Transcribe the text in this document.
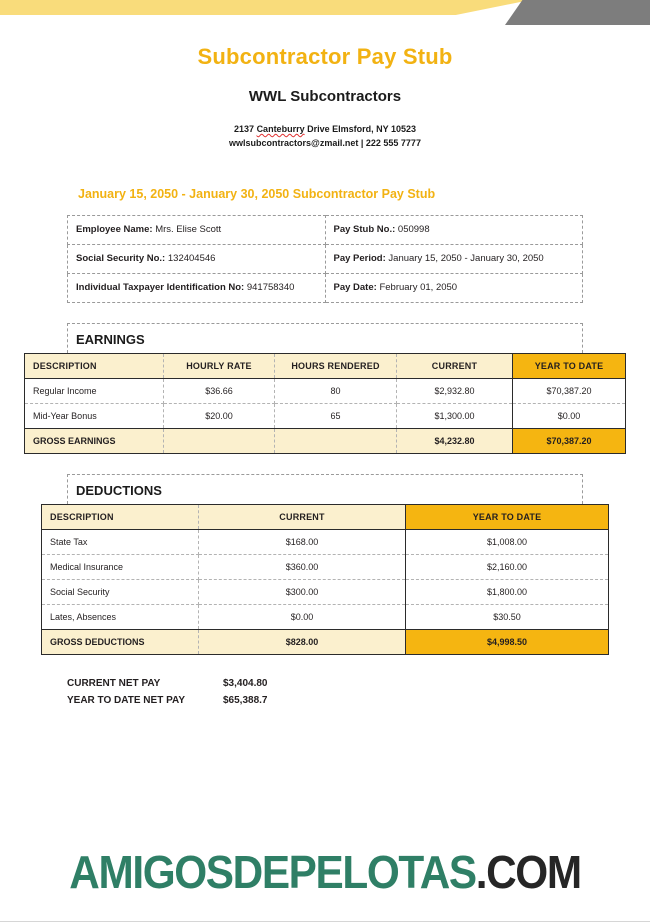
Subcontractor Pay Stub
WWL Subcontractors
2137 Canteburry Drive Elmsford, NY 10523
wwlsubcontractors@zmail.net | 222 555 7777
January 15, 2050 - January 30, 2050 Subcontractor Pay Stub
Employee Name: Mrs. Elise Scott	Pay Stub No.: 050998
Social Security No.: 132404546	Pay Period: January 15, 2050 - January 30, 2050
Individual Taxpayer Identification No: 941758340	Pay Date: February 01, 2050
EARNINGS
DESCRIPTION	HOURLY RATE	HOURS RENDERED	CURRENT	YEAR TO DATE
Regular Income	$36.66	80	$2,932.80	$70,387.20
Mid-Year Bonus	$20.00	65	$1,300.00	$0.00
GROSS EARNINGS			$4,232.80	$70,387.20
DEDUCTIONS
DESCRIPTION	CURRENT	YEAR TO DATE
State Tax	$168.00	$1,008.00
Medical Insurance	$360.00	$2,160.00
Social Security	$300.00	$1,800.00
Lates, Absences	$0.00	$30.50
GROSS DEDUCTIONS	$828.00	$4,998.50
CURRENT NET PAY	$3,404.80
YEAR TO DATE NET PAY	$65,388.7
AMIGOSDEPELOTAS.COM
